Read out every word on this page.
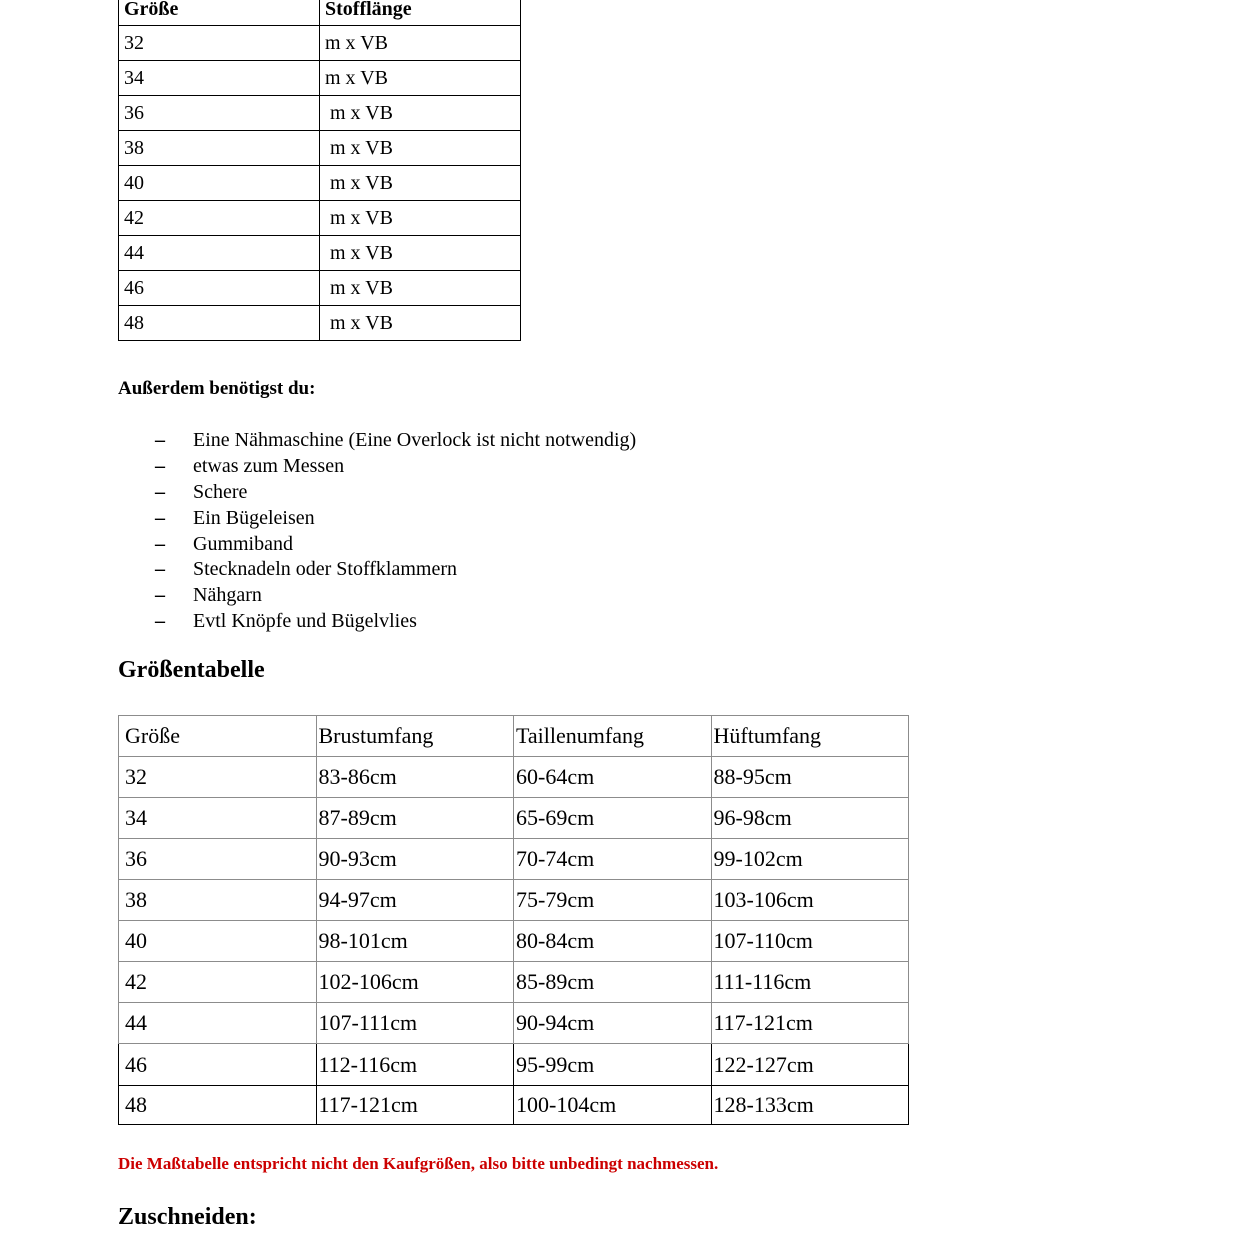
Größe	Stofflänge
32	m x VB
34	m x VB
36	m x VB
38	m x VB
40	m x VB
42	m x VB
44	m x VB
46	m x VB
48	m x VB
Außerdem benötigst du:
– Eine Nähmaschine (Eine Overlock ist nicht notwendig)
– etwas zum Messen
– Schere
– Ein Bügeleisen
– Gummiband
– Stecknadeln oder Stoffklammern
– Nähgarn
– Evtl Knöpfe und Bügelvlies
Größentabelle
Größe	Brustumfang	Taillenumfang	Hüftumfang
32	83-86cm	60-64cm	88-95cm
34	87-89cm	65-69cm	96-98cm
36	90-93cm	70-74cm	99-102cm
38	94-97cm	75-79cm	103-106cm
40	98-101cm	80-84cm	107-110cm
42	102-106cm	85-89cm	111-116cm
44	107-111cm	90-94cm	117-121cm
46	112-116cm	95-99cm	122-127cm
48	117-121cm	100-104cm	128-133cm
Die Maßtabelle entspricht nicht den Kaufgrößen, also bitte unbedingt nachmessen.
Zuschneiden:
